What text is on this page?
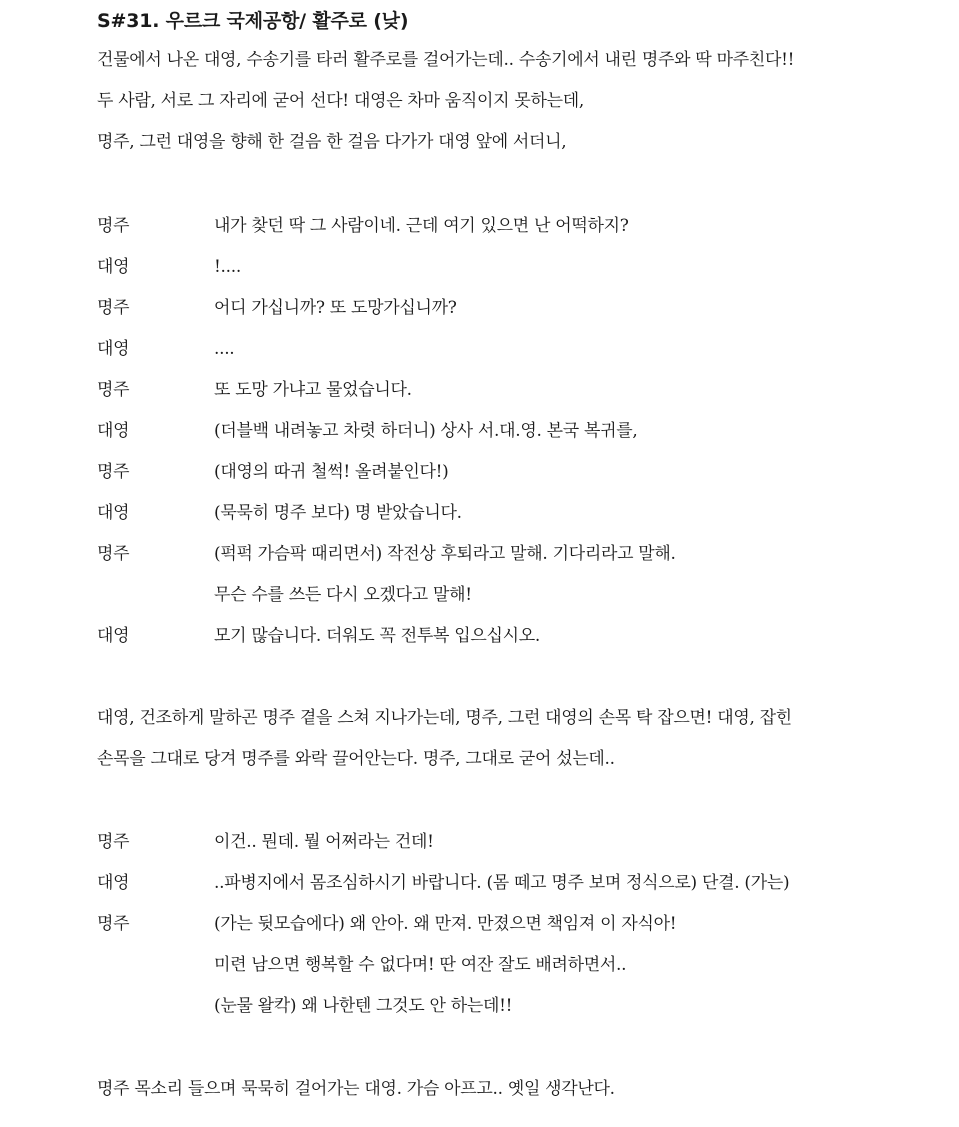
S#31. 우르크 국제공항/ 활주로 (낮)

건물에서 나온 대영, 수송기를 타러 활주로를 걸어가는데.. 수송기에서 내린 명주와 딱 마주친다!!

두 사람, 서로 그 자리에 굳어 선다! 대영은 차마 움직이지 못하는데,

명주, 그런 대영을 향해 한 걸음 한 걸음 다가가 대영 앞에 서더니,

명주	내가 찾던 딱 그 사람이네. 근데 여기 있으면 난 어떡하지?
대영	!....
명주	어디 가십니까? 또 도망가십니까?
대영	....
명주	또 도망 가냐고 물었습니다.
대영	(더블백 내려놓고 차렷 하더니) 상사 서.대.영. 본국 복귀를,
명주	(대영의 따귀 철썩! 올려붙인다!)
대영	(묵묵히 명주 보다) 명 받았습니다.
명주	(퍽퍽 가슴팍 때리면서) 작전상 후퇴라고 말해. 기다리라고 말해.
무슨 수를 쓰든 다시 오겠다고 말해!
대영	모기 많습니다. 더워도 꼭 전투복 입으십시오.

대영, 건조하게 말하곤 명주 곁을 스쳐 지나가는데, 명주, 그런 대영의 손목 탁 잡으면! 대영, 잡힌

손목을 그대로 당겨 명주를 와락 끌어안는다. 명주, 그대로 굳어 섰는데..

명주	이건.. 뭔데. 뭘 어쩌라는 건데!
대영	..파병지에서 몸조심하시기 바랍니다. (몸 떼고 명주 보며 정식으로) 단결. (가는)
명주	(가는 뒷모습에다) 왜 안아. 왜 만져. 만졌으면 책임져 이 자식아!
미련 남으면 행복할 수 없다며! 딴 여잔 잘도 배려하면서..
(눈물 왈칵) 왜 나한텐 그것도 안 하는데!!

명주 목소리 들으며 묵묵히 걸어가는 대영. 가슴 아프고.. 옛일 생각난다.
